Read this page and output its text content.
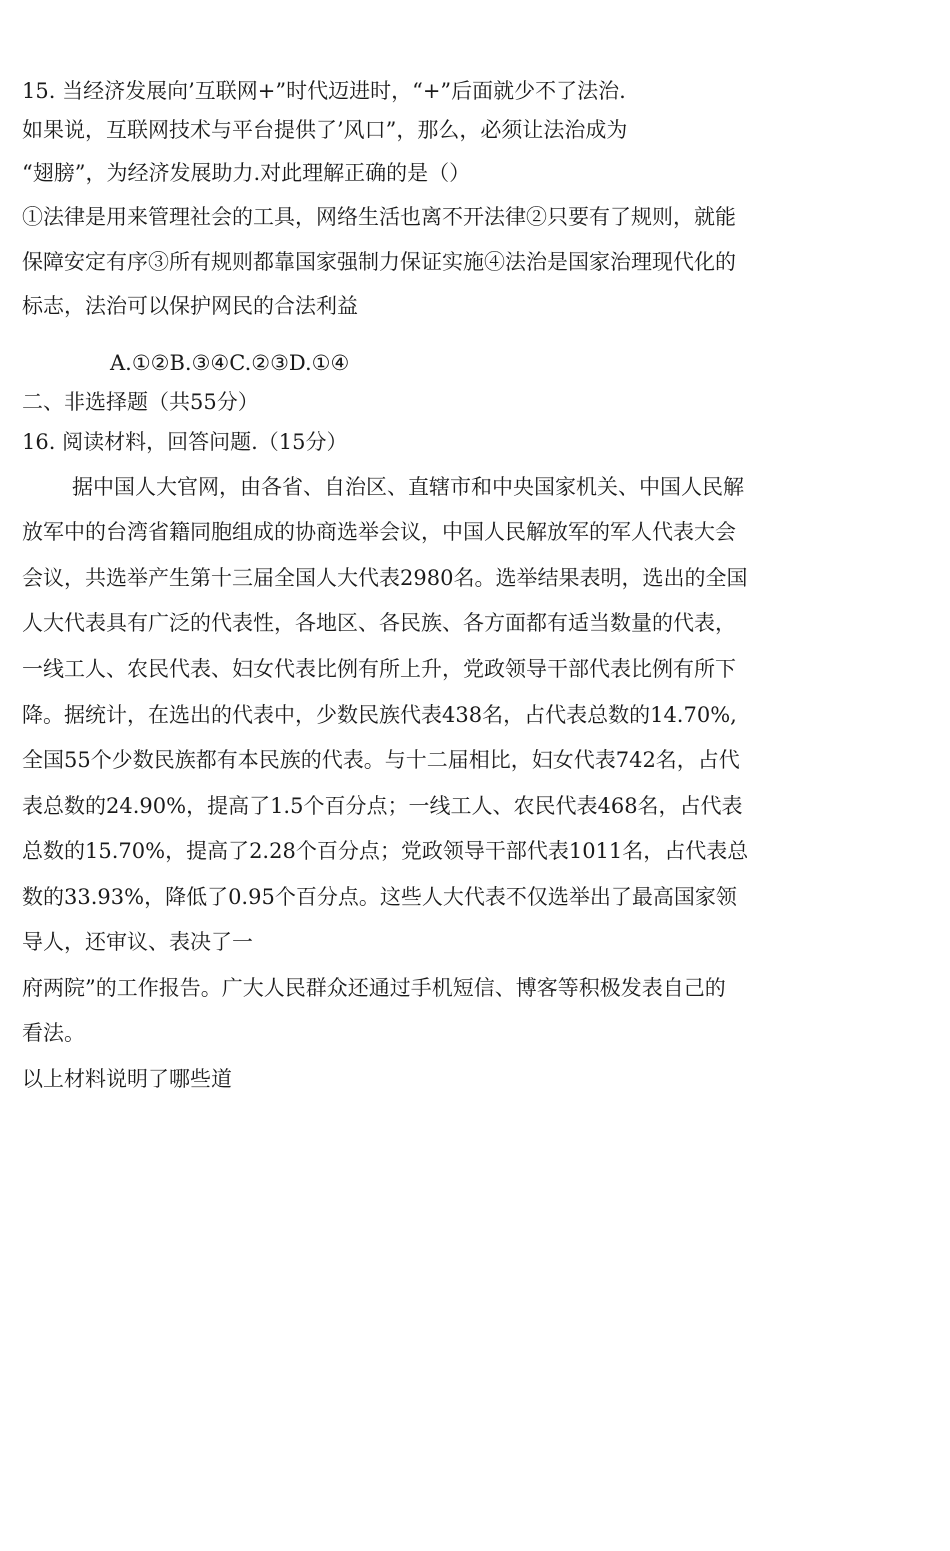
15. 当经济发展向’互联网+”时代迈进时，“+”后面就少不了法治.
如果说，互联网技术与平台提供了’风口”，那么，必须让法治成为
“翅膀”，为经济发展助力.对此理解正确的是（）
①法律是用来管理社会的工具，网络生活也离不开法律②只要有了规则，就能
保障安定有序③所有规则都靠国家强制力保证实施④法治是国家治理现代化的
标志，法治可以保护网民的合法利益
A.①②B.③④C.②③D.①④
二、非选择题（共55分）
16. 阅读材料，回答问题.（15分）
据中国人大官网，由各省、自治区、直辖市和中央国家机关、中国人民解
放军中的台湾省籍同胞组成的协商选举会议，中国人民解放军的军人代表大会
会议，共选举产生第十三届全国人大代表2980名。选举结果表明，选出的全国
人大代表具有广泛的代表性，各地区、各民族、各方面都有适当数量的代表，
一线工人、农民代表、妇女代表比例有所上升，党政领导干部代表比例有所下
降。据统计，在选出的代表中，少数民族代表438名，占代表总数的14.70%,
全国55个少数民族都有本民族的代表。与十二届相比，妇女代表742名，占代
表总数的24.90%，提高了1.5个百分点；一线工人、农民代表468名，占代表
总数的15.70%，提高了2.28个百分点；党政领导干部代表1011名，占代表总
数的33.93%，降低了0.95个百分点。这些人大代表不仅选举出了最高国家领
导人，还审议、表决了一
府两院”的工作报告。广大人民群众还通过手机短信、博客等积极发表自己的
看法。
以上材料说明了哪些道
